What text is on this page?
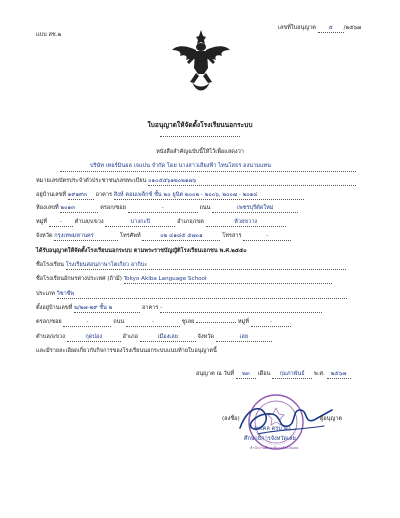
แบบ สช.๒
เลขที่ใบอนุญาต ๕ /๒๕๖๗
ใบอนุญาตให้จัดตั้งโรงเรียนนอกระบบ
หนังสือสำคัญฉบับนี้ให้ไว้เพื่อแสดงว่า
บริษัท เทอร์มินอล เจแปน จำกัด โดย นางสาวเสียงฟ้า ไทนโสธร องนามแทน
หมายเลขบัตรประจำตัวประชาชน/เลขทะเบียน ๐๑๐๕๕๖๑๒๐๒๑๗๖
อยู่บ้านเลขที่ ๑๙๑๙๓ อาคาร สิงห์ คอมเพล็กซ์ ชั้น ๒๐ ยูนิต ๒๐๐๒ - ๒๐๐๖, ๒๐๐๗ - ๒๐๑๔
ห้องเลขที่ ๒๐๑๓	ตรอก/ซอย	-	ถนน	เพชรบุรีตัดใหม่
หมู่ที่ - ตำบล/แขวง	บางกะปิ	อำเภอ/เขต	ห้วยขวาง
จังหวัด กรุงเทพมหานคร	โทรศัพท์	๐๒ ๔๑๘๕ ๕๗๐๑	โทรสาร	-
ได้รับอนุญาตให้จัดตั้งโรงเรียนนอกระบบ ตามพระราชบัญญัติโรงเรียนเอกชน พ.ศ.๒๕๕๐
ชื่อโรงเรียน โรงเรียนสอนภาษาโตเกียว อากิบะ
ชื่อโรงเรียนอักษรต่างประเทศ (ถ้ามี) Tokyo Akiba Language School
ประเภท วิชาชีพ
ตั้งอยู่บ้านเลขที่ ๒/๒๗-๒๙ ชั้น ๒	อาคาร -
ตรอก/ซอย	-	ถนน	-	ซูเลย	หมู่ที่	-
ตำบล/แขวง	กุดป่อง	อำเภอ	เมืองเลย	จังหวัด	เลย
และมีรายละเอียดเกี่ยวกับกิจการของโรงเรียนนอกระบบแนบท้ายใบอนุญาตนี้
อนุญาต ณ วันที่ ๒๓ เดือน กุมภาพันธ์ พ.ศ. ๒๕๖๗
(ลงชื่อ)
(มงคล ครุบวด)
ศึกษาธิการจังหวัดเลย
ผู้อนุญาต
สำนักงานศึกษาธิการจังหวัดเลย
